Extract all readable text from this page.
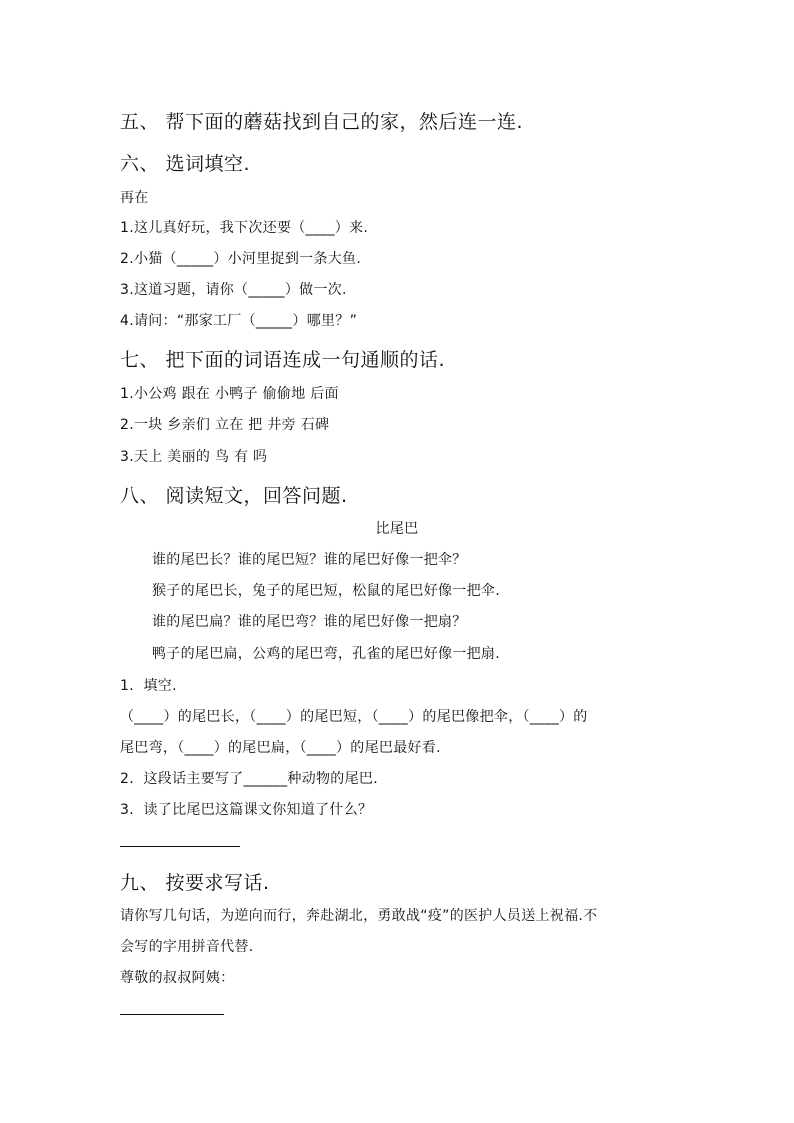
五、 帮下面的蘑菇找到自己的家，然后连一连.
六、 选词填空.
再在
1.这儿真好玩，我下次还要（____）来.
2.小猫（_____）小河里捉到一条大鱼.
3.这道习题，请你（_____）做一次.
4.请问：“那家工厂（_____）哪里？”
七、 把下面的词语连成一句通顺的话.
1.小公鸡 跟在 小鸭子 偷偷地 后面
2.一块 乡亲们 立在 把 井旁 石碑
3.天上 美丽的 鸟 有 吗
八、 阅读短文，回答问题.
比尾巴
谁的尾巴长？谁的尾巴短？谁的尾巴好像一把伞？
猴子的尾巴长，兔子的尾巴短，松鼠的尾巴好像一把伞.
谁的尾巴扁？谁的尾巴弯？谁的尾巴好像一把扇？
鸭子的尾巴扁，公鸡的尾巴弯，孔雀的尾巴好像一把扇.
1．填空.
（____）的尾巴长，（____）的尾巴短，（____）的尾巴像把伞，（____）的
尾巴弯，（____）的尾巴扁，（____）的尾巴最好看.
2．这段话主要写了______种动物的尾巴.
3．读了比尾巴这篇课文你知道了什么？
九、 按要求写话.
请你写几句话，为逆向而行，奔赴湖北，勇敢战“疫”的医护人员送上祝福.不
会写的字用拼音代替.
尊敬的叔叔阿姨：
